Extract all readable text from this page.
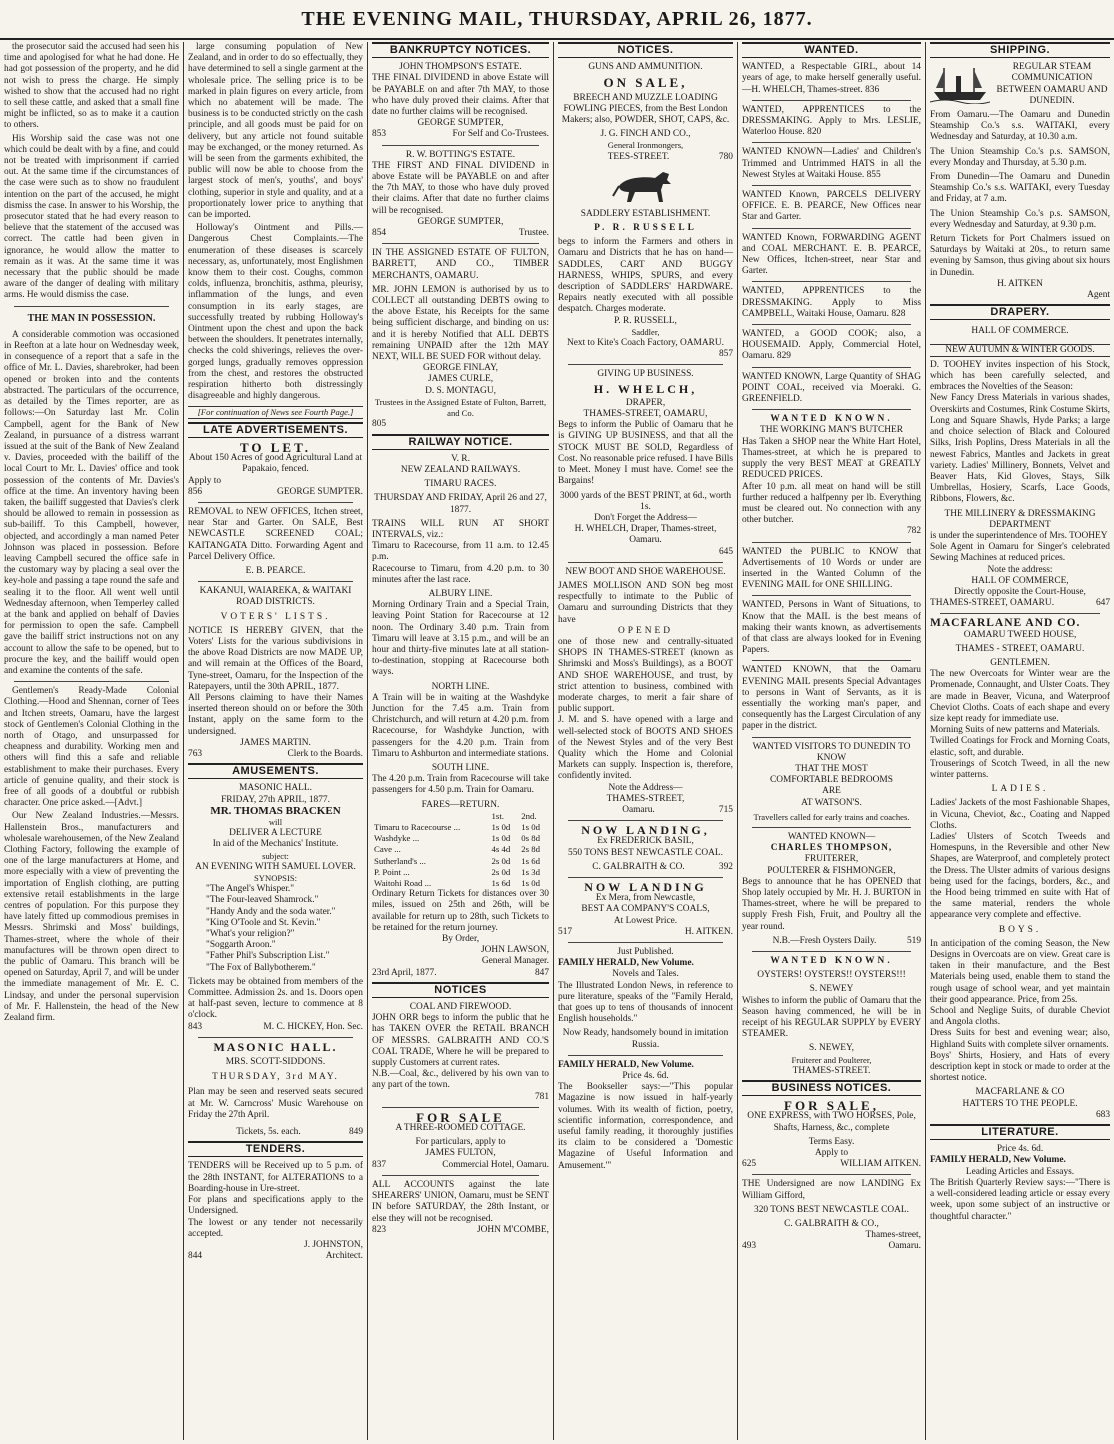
THE EVENING MAIL, THURSDAY, APRIL 26, 1877.

the prosecutor said the accused had seen his time and apologised for what he had done. He had got possession of the property, and he did not wish to press the charge. He simply wished to show that the accused had no right to sell these cattle, and asked that a small fine might be inflicted, so as to make it a caution to others.

His Worship said the case was not one which could be dealt with by a fine, and could not be treated with imprisonment if carried out. At the same time if the circumstances of the case were such as to show no fraudulent intention on the part of the accused, he might dismiss the case. In answer to his Worship, the prosecutor stated that he had every reason to believe that the statement of the accused was correct. The cattle had been given in ignorance, he would allow the matter to remain as it was. At the same time it was necessary that the public should be made aware of the danger of dealing with military arms. He would dismiss the case.

THE MAN IN POSSESSION.

A considerable commotion was occasioned in Reefton at a late hour on Wednesday week, in consequence of a report that a safe in the office of Mr. L. Davies, sharebroker, had been opened or broken into and the contents abstracted. The particulars of the occurrence, as detailed by the Times reporter, are as follows:—On Saturday last Mr. Colin Campbell, agent for the Bank of New Zealand, in pursuance of a distress warrant issued at the suit of the Bank of New Zealand v. Davies, proceeded with the bailiff of the local Court to Mr. L. Davies' office and took possession of the contents of Mr. Davies's office at the time. An inventory having been taken, the bailiff suggested that Davies's clerk should be allowed to remain in possession as sub-bailiff. To this Campbell, however, objected, and accordingly a man named Peter Johnson was placed in possession. Before leaving Campbell secured the office safe in the customary way by placing a seal over the key-hole and passing a tape round the safe and sealing it to the floor. All went well until Wednesday afternoon, when Temperley called at the bank and applied on behalf of Davies for permission to open the safe. Campbell gave the bailiff strict instructions not on any account to allow the safe to be opened, but to procure the key, and the bailiff would open and examine the contents of the safe.

Gentlemen's Ready-Made Colonial Clothing.—Hood and Shennan, corner of Tees and Itchen streets, Oamaru, have the largest stock of Gentlemen's Colonial Clothing in the north of Otago, and unsurpassed for cheapness and durability. Working men and others will find this a safe and reliable establishment to make their purchases. Every article of genuine quality, and their stock is free of all goods of a doubtful or rubbish character. One price asked.—[Advt.]

Our New Zealand Industries.—Messrs. Hallenstein Bros., manufacturers and wholesale warehousemen, of the New Zealand Clothing Factory, following the example of one of the large manufacturers at Home, and more especially with a view of preventing the importation of English clothing, are putting extensive retail establishments in the large centres of population. For this purpose they have lately fitted up commodious premises in Messrs. Shrimski and Moss' buildings, Thames-street, where the whole of their manufactures will be thrown open direct to the public of Oamaru. This branch will be opened on Saturday, April 7, and will be under the immediate management of Mr. E. C. Lindsay, and under the personal supervision of Mr. F. Hallenstein, the head of the New Zealand firm.

large consuming population of New Zealand, and in order to do so effectually, they have determined to sell a single garment at the wholesale price. The selling price is to be marked in plain figures on every article, from which no abatement will be made. The business is to be conducted strictly on the cash principle, and all goods must be paid for on delivery, but any article not found suitable may be exchanged, or the money returned. As will be seen from the garments exhibited, the public will now be able to choose from the largest stock of men's, youths', and boys' clothing, superior in style and quality, and at a proportionately lower price to anything that can be imported.

Holloway's Ointment and Pills.—Dangerous Chest Complaints.—The enumeration of these diseases is scarcely necessary, as, unfortunately, most Englishmen know them to their cost. Coughs, common colds, influenza, bronchitis, asthma, pleurisy, inflammation of the lungs, and even consumption in its early stages, are successfully treated by rubbing Holloway's Ointment upon the chest and upon the back between the shoulders. It penetrates internally, checks the cold shiverings, relieves the over-gorged lungs, gradually removes oppression from the chest, and restores the obstructed respiration hitherto both distressingly disagreeable and highly dangerous.

[For continuation of News see Fourth Page.]
LATE ADVERTISEMENTS.
TO LET.
About 150 Acres of good Agricultural Land at Papakaio, fenced.
Apply to
856	GEORGE SUMPTER.
REMOVAL to NEW OFFICES, Itchen street, near Star and Garter. On SALE, Best NEWCASTLE SCREENED COAL; KAITANGATA Ditto. Forwarding Agent and Parcel Delivery Office.
E. B. PEARCE.
KAKANUI, WAIAREKA, & WAITAKI ROAD DISTRICTS.
VOTERS' LISTS.
NOTICE IS HEREBY GIVEN, that the Voters' Lists for the various subdivisions in the above Road Districts are now MADE UP, and will remain at the Offices of the Board, Tyne-street, Oamaru, for the Inspection of the Ratepayers, until the 30th APRIL, 1877.
All Persons claiming to have their Names inserted thereon should on or before the 30th Instant, apply on the same form to the undersigned.
JAMES MARTIN.
763	Clerk to the Boards.
AMUSEMENTS.
MASONIC HALL.
FRIDAY, 27th APRIL, 1877.
MR. THOMAS BRACKEN
will
DELIVER A LECTURE
In aid of the Mechanics' Institute.
subject:
AN EVENING WITH SAMUEL LOVER.
SYNOPSIS:
"The Angel's Whisper."
"The Four-leaved Shamrock."
"Handy Andy and the soda water."
"King O'Toole and St. Kevin."
"What's your religion?"
"Soggarth Aroon."
"Father Phil's Subscription List."
"The Fox of Ballybotherem."
Tickets may be obtained from members of the Committee. Admission 2s. and 1s. Doors open at half-past seven, lecture to commence at 8 o'clock.
843	M. C. HICKEY, Hon. Sec.
MASONIC HALL.
MRS. SCOTT-SIDDONS.
THURSDAY, 3rd MAY.
Plan may be seen and reserved seats secured at Mr. W. Carncross' Music Warehouse on Friday the 27th April.
Tickets, 5s. each.	849
TENDERS.
TENDERS will be Received up to 5 p.m. of the 28th INSTANT, for ALTERATIONS to a Boarding-house in Ure-street.
For plans and specifications apply to the Undersigned.
The lowest or any tender not necessarily accepted.
J. JOHNSTON,
844	Architect.
BANKRUPTCY NOTICES.
JOHN THOMPSON'S ESTATE.
THE FINAL DIVIDEND in above Estate will be PAYABLE on and after 7th MAY, to those who have duly proved their claims. After that date no further claims will be recognised.
GEORGE SUMPTER,
853	For Self and Co-Trustees.
R. W. BOTTING'S ESTATE.
THE FIRST AND FINAL DIVIDEND in above Estate will be PAYABLE on and after the 7th MAY, to those who have duly proved their claims. After that date no further claims will be recognised.
GEORGE SUMPTER,
854	Trustee.
IN THE ASSIGNED ESTATE OF FULTON, BARRETT, AND CO., TIMBER MERCHANTS, OAMARU.
MR. JOHN LEMON is authorised by us to COLLECT all outstanding DEBTS owing to the above Estate, his Receipts for the same being sufficient discharge, and binding on us: and it is hereby Notified that ALL DEBTS remaining UNPAID after the 12th MAY NEXT, WILL BE SUED FOR without delay.
GEORGE FINLAY,
JAMES CURLE,
D. S. MONTAGU,
Trustees in the Assigned Estate of Fulton, Barrett, and Co.
805
RAILWAY NOTICE.
V. R.
NEW ZEALAND RAILWAYS.
TIMARU RACES.
THURSDAY AND FRIDAY, April 26 and 27, 1877.
TRAINS WILL RUN AT SHORT INTERVALS, viz.:
Timaru to Racecourse, from 11 a.m. to 12.45 p.m.
Racecourse to Timaru, from 4.20 p.m. to 30 minutes after the last race.
ALBURY LINE.
Morning Ordinary Train and a Special Train, leaving Point Station for Racecourse at 12 noon. The Ordinary 3.40 p.m. Train from Timaru will leave at 3.15 p.m., and will be an hour and thirty-five minutes late at all station-to-destination, stopping at Racecourse both ways.
NORTH LINE.
A Train will be in waiting at the Washdyke Junction for the 7.45 a.m. Train from Christchurch, and will return at 4.20 p.m. from Racecourse, for Washdyke Junction, with passengers for the 4.20 p.m. Train from Timaru to Ashburton and intermediate stations.
SOUTH LINE.
The 4.20 p.m. Train from Racecourse will take passengers for 4.50 p.m. Train for Oamaru.
FARES—RETURN.
	1st.	2nd.
Timaru to Racecourse ...	1s 0d	1s 0d
Washdyke ...	1s 0d	0s 8d
Cave ...	4s 4d	2s 8d
Sutherland's ...	2s 0d	1s 6d
P. Point ...	2s 0d	1s 3d
Waitohi Road ...	1s 6d	1s 0d
Ordinary Return Tickets for distances over 30 miles, issued on 25th and 26th, will be available for return up to 28th, such Tickets to be retained for the return journey.
By Order,
JOHN LAWSON,
General Manager.
23rd April, 1877.	847
NOTICES
COAL AND FIREWOOD.
JOHN ORR begs to inform the public that he has TAKEN OVER the RETAIL BRANCH OF MESSRS. GALBRAITH AND CO.'S COAL TRADE, Where he will be prepared to supply Customers at current rates.
N.B.—Coal, &c., delivered by his own van to any part of the town.
781
FOR SALE
A THREE-ROOMED COTTAGE.
For particulars, apply to
JAMES FULTON,
837	Commercial Hotel, Oamaru.
ALL ACCOUNTS against the late SHEARERS' UNION, Oamaru, must be SENT IN before SATURDAY, the 28th Instant, or else they will not be recognised.
823	JOHN M'COMBE,
NOTICES.
GUNS AND AMMUNITION.
ON SALE,
BREECH AND MUZZLE LOADING FOWLING PIECES, from the Best London Makers; also, POWDER, SHOT, CAPS, &c.
J. G. FINCH AND CO.,
General Ironmongers,
TEES-STREET.	780
SADDLERY ESTABLISHMENT.
P. R. RUSSELL
begs to inform the Farmers and others in Oamaru and Districts that he has on hand—SADDLES, CART AND BUGGY HARNESS, WHIPS, SPURS, and every description of SADDLERS' HARDWARE. Repairs neatly executed with all possible despatch. Charges moderate.
P. R. RUSSELL,
Saddler,
Next to Kite's Coach Factory, OAMARU.
857
GIVING UP BUSINESS.
H. WHELCH,
DRAPER,
THAMES-STREET, OAMARU,
Begs to inform the Public of Oamaru that he is GIVING UP BUSINESS, and that all the STOCK MUST BE SOLD, Regardless of Cost. No reasonable price refused. I have Bills to Meet. Money I must have. Come! see the Bargains!
3000 yards of the BEST PRINT, at 6d., worth 1s.
Don't Forget the Address—
H. WHELCH, Draper, Thames-street, Oamaru.
645
NEW BOOT AND SHOE WAREHOUSE.
JAMES MOLLISON AND SON beg most respectfully to intimate to the Public of Oamaru and surrounding Districts that they have
OPENED
one of those new and centrally-situated SHOPS IN THAMES-STREET (known as Shrimski and Moss's Buildings), as a BOOT AND SHOE WAREHOUSE, and trust, by strict attention to business, combined with moderate charges, to merit a fair share of public support.
J. M. and S. have opened with a large and well-selected stock of BOOTS AND SHOES of the Newest Styles and of the very Best Quality which the Home and Colonial Markets can supply. Inspection is, therefore, confidently invited.
Note the Address—
THAMES-STREET,
Oamaru.	715
NOW LANDING,
Ex FREDERICK BASIL,
550 TONS BEST NEWCASTLE COAL.
C. GALBRAITH & CO.	392
NOW LANDING
Ex Mera, from Newcastle,
BEST AA COMPANY'S COALS,
At Lowest Price.
517	H. AITKEN.
Just Published.
FAMILY HERALD, New Volume.
Novels and Tales.
The Illustrated London News, in reference to pure literature, speaks of the "Family Herald, that goes up to tens of thousands of innocent English households."
Now Ready, handsomely bound in imitation Russia.
FAMILY HERALD, New Volume.
Price 4s. 6d.
The Bookseller says:—"This popular Magazine is now issued in half-yearly volumes. With its wealth of fiction, poetry, scientific information, correspondence, and useful family reading, it thoroughly justifies its claim to be considered a 'Domestic Magazine of Useful Information and Amusement.'"
WANTED.
WANTED, a Respectable GIRL, about 14 years of age, to make herself generally useful.—H. WHELCH, Thames-street. 836
WANTED, APPRENTICES to the DRESSMAKING. Apply to Mrs. LESLIE, Waterloo House. 820
WANTED KNOWN—Ladies' and Children's Trimmed and Untrimmed HATS in all the Newest Styles at Waitaki House. 855
WANTED Known, PARCELS DELIVERY OFFICE. E. B. PEARCE, New Offices near Star and Garter.
WANTED Known, FORWARDING AGENT and COAL MERCHANT. E. B. PEARCE, New Offices, Itchen-street, near Star and Garter.
WANTED, APPRENTICES to the DRESSMAKING. Apply to Miss CAMPBELL, Waitaki House, Oamaru. 828
WANTED, a GOOD COOK; also, a HOUSEMAID. Apply, Commercial Hotel, Oamaru. 829
WANTED KNOWN, Large Quantity of SHAG POINT COAL, received via Moeraki. G. GREENFIELD.
WANTED KNOWN.
THE WORKING MAN'S BUTCHER
Has Taken a SHOP near the White Hart Hotel, Thames-street, at which he is prepared to supply the very BEST MEAT at GREATLY REDUCED PRICES.
After 10 p.m. all meat on hand will be still further reduced a halfpenny per lb. Everything must be cleared out. No connection with any other butcher.
782
WANTED the PUBLIC to KNOW that Advertisements of 10 Words or under are inserted in the Wanted Column of the EVENING MAIL for ONE SHILLING.
WANTED, Persons in Want of Situations, to Know that the MAIL is the best means of making their wants known, as advertisements of that class are always looked for in Evening Papers.
WANTED KNOWN, that the Oamaru EVENING MAIL presents Special Advantages to persons in Want of Servants, as it is essentially the working man's paper, and consequently has the Largest Circulation of any paper in the district.
WANTED VISITORS TO DUNEDIN TO KNOW
THAT THE MOST
COMFORTABLE BEDROOMS
ARE
AT WATSON'S.
Travellers called for early trains and coaches.
WANTED KNOWN—
CHARLES THOMPSON,
FRUITERER,
POULTERER & FISHMONGER,
Begs to announce that he has OPENED that Shop lately occupied by Mr. H. J. BURTON in Thames-street, where he will be prepared to supply Fresh Fish, Fruit, and Poultry all the year round.
N.B.—Fresh Oysters Daily.	519
WANTED KNOWN.
OYSTERS! OYSTERS!! OYSTERS!!!
S. NEWEY
Wishes to inform the public of Oamaru that the Season having commenced, he will be in receipt of his REGULAR SUPPLY by EVERY STEAMER.
S. NEWEY,
Fruiterer and Poulterer,
THAMES-STREET.
BUSINESS NOTICES.
FOR SALE,
ONE EXPRESS, with TWO HORSES, Pole, Shafts, Harness, &c., complete
Terms Easy.
Apply to
625	WILLIAM AITKEN.
THE Undersigned are now LANDING Ex William Gifford,
320 TONS BEST NEWCASTLE COAL.
C. GALBRAITH & CO.,
Thames-street,
493	Oamaru.
SHIPPING.
REGULAR STEAM COMMUNICATION BETWEEN OAMARU AND DUNEDIN.
From Oamaru.—The Oamaru and Dunedin Steamship Co.'s s.s. WAITAKI, every Wednesday and Saturday, at 10.30 a.m.
The Union Steamship Co.'s p.s. SAMSON, every Monday and Thursday, at 5.30 p.m.
From Dunedin—The Oamaru and Dunedin Steamship Co.'s s.s. WAITAKI, every Tuesday and Friday, at 7 a.m.
The Union Steamship Co.'s p.s. SAMSON, every Wednesday and Saturday, at 9.30 p.m.
Return Tickets for Port Chalmers issued on Saturdays by Waitaki at 20s., to return same evening by Samson, thus giving about six hours in Dunedin.
H. AITKEN
Agent
DRAPERY.
HALL OF COMMERCE.
NEW AUTUMN & WINTER GOODS.
D. TOOHEY invites inspection of his Stock, which has been carefully selected, and embraces the Novelties of the Season:
New Fancy Dress Materials in various shades, Overskirts and Costumes, Rink Costume Skirts, Long and Square Shawls, Hyde Parks; a large and choice selection of Black and Coloured Silks, Irish Poplins, Dress Materials in all the newest Fabrics, Mantles and Jackets in great variety. Ladies' Millinery, Bonnets, Velvet and Beaver Hats, Kid Gloves, Stays, Silk Umbrellas, Hosiery, Scarfs, Lace Goods, Ribbons, Flowers, &c.
THE MILLINERY & DRESSMAKING DEPARTMENT
is under the superintendence of Mrs. TOOHEY
Sole Agent in Oamaru for Singer's celebrated Sewing Machines at reduced prices.
Note the address:
HALL OF COMMERCE,
Directly opposite the Court-House,
THAMES-STREET, OAMARU.	647
MACFARLANE AND CO.
OAMARU TWEED HOUSE,
THAMES - STREET, OAMARU.
GENTLEMEN.
The new Overcoats for Winter wear are the Promenade, Connaught, and Ulster Coats. They are made in Beaver, Vicuna, and Waterproof Cheviot Cloths. Coats of each shape and every size kept ready for immediate use.
Morning Suits of new patterns and Materials.
Twilled Coatings for Frock and Morning Coats, elastic, soft, and durable.
Trouserings of Scotch Tweed, in all the new winter patterns.
LADIES.
Ladies' Jackets of the most Fashionable Shapes, in Vicuna, Cheviot, &c., Coating and Napped Cloths.
Ladies' Ulsters of Scotch Tweeds and Homespuns, in the Reversible and other New Shapes, are Waterproof, and completely protect the Dress. The Ulster admits of various designs being used for the facings, borders, &c., and the Hood being trimmed en suite with Hat of the same material, renders the whole appearance very complete and effective.
BOYS.
In anticipation of the coming Season, the New Designs in Overcoats are on view. Great care is taken in their manufacture, and the Best Materials being used, enable them to stand the rough usage of school wear, and yet maintain their good appearance. Price, from 25s.
School and Neglige Suits, of durable Cheviot and Angola cloths.
Dress Suits for best and evening wear; also, Highland Suits with complete silver ornaments.
Boys' Shirts, Hosiery, and Hats of every description kept in stock or made to order at the shortest notice.
MACFARLANE & CO
HATTERS TO THE PEOPLE.
683
LITERATURE.
Price 4s. 6d.
FAMILY HERALD, New Volume.
Leading Articles and Essays.
The British Quarterly Review says:—"There is a well-considered leading article or essay every week, upon some subject of an instructive or thoughtful character."
